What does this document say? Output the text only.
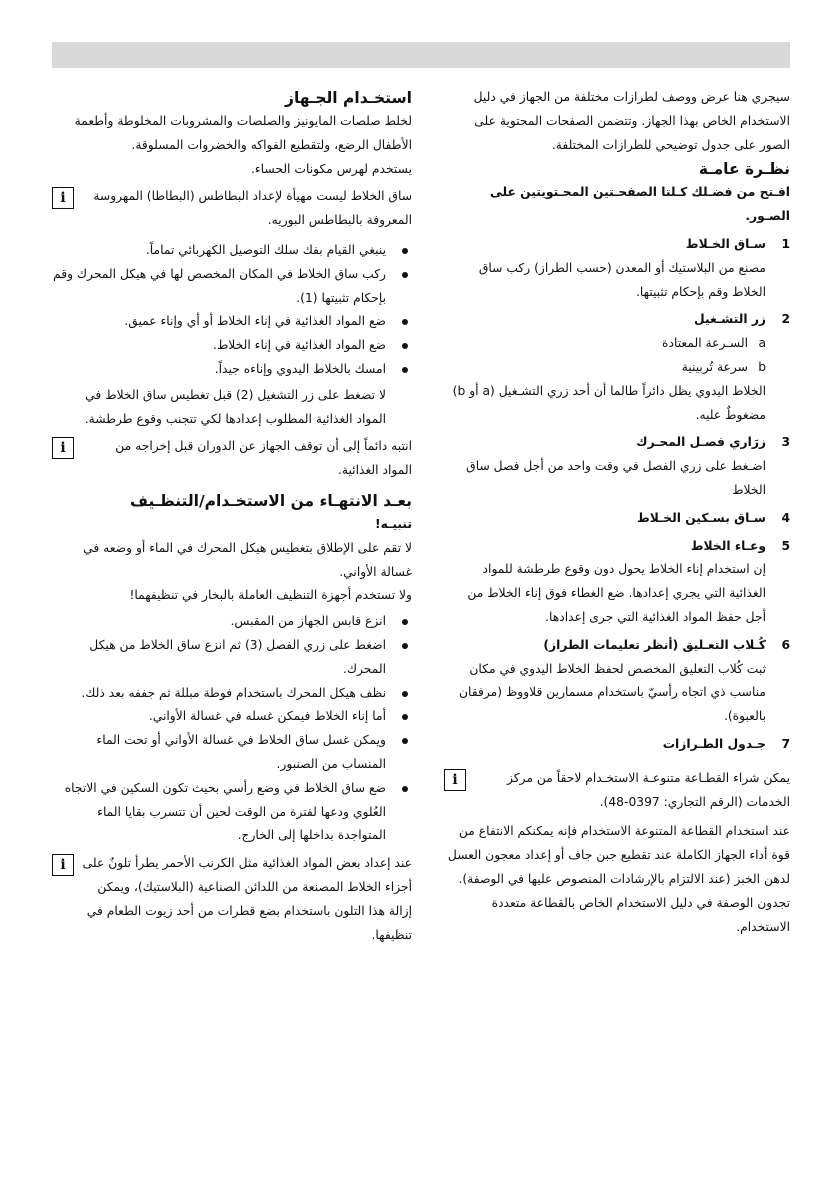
سيجري هنا عرض ووصف لطرازات مختلفة من الجهاز في دليل الاستخدام الخاص بهذا الجهاز. وتتضمن الصفحات المحتوية على الصور على جدول توضيحي للطرازات المختلفة.

نظـرة عامـة

افـتح من فضـلك كـلتا الصفحـتين المحـتويتين على الصـور.

1
سـاق الخـلاط

مصنع من البلاستيك أو المعدن (حسب الطراز) ركب ساق الخلاط وقم بإحكام تثبيتها.

2
زر التشـغيل
a
السـرعة المعتادة
b
سرعة تُربينية

الخلاط اليدوي يظل دائراً طالما أن أحد زري التشـغيل (a أو b) مضغوطٌ عليه.

3
زرَاري فصـل المحـرك

اضـغط على زري الفصل في وقت واحد من أجل فصل ساق الخلاط

4
سـاق بسـكين الخـلاط
5
وعـاء الخلاط

إن استخدام إناء الخلاط يحول دون وقوع طرطشة للمواد الغذائية التي يجري إعدادها. ضع الغطاء فوق إناء الخلاط من أجل حفظ المواد الغذائية التي جرى إعدادها.

6
كُـلاب التعـليق (أنظر تعليمات الطراز)

ثبت كُلاب التعليق المخصص لحفظ الخلاط اليدوي في مكان مناسب ذي اتجاه رأسيّ باستخدام مسمارين قلاووظ (مرفقان بالعبوة).

7
جـدول الطـرازات
يمكن شراء القطـاعة متنوعـة الاستخـدام لاحقاً من مركز الخدمات (الرقم التجاري: 0397-48).
i

عند استخدام القطاعة المتنوعة الاستخدام فإنه يمكنكم الانتفاع من قوة أداء الجهاز الكاملة عند تقطيع جبن جاف أو إعداد معجون العسل لدهن الخبز (عند الالتزام بالإرشادات المنصوص عليها في الوصفة). تجدون الوصفة في دليل الاستخدام الخاص بالقطاعة متعددة الاستخدام.

استخـدام الجـهاز

لخلط صلصات المايونيز والصلصات والمشروبات المخلوطة وأطعمة الأطفال الرضع، ولتقطيع الفواكه والخضروات المسلوقة.

يستخدم لهرس مكونات الحساء.

ساق الخلاط ليست مهيأة لإعداد البطاطس (البطاطا) المهروسة المعروفة بالبطاطس البوريه.
i
ينبغي القيام بفك سلك التوصيل الكهربائي تماماً.
ركب ساق الخلاط في المكان المخصص لها في هيكل المحرك وقم بإحكام تثبيتها (1).
ضع المواد الغذائية في إناء الخلاط أو أي وإناء عميق.
ضع المواد الغذائية في إناء الخلاط.
امسك بالخلاط اليدوي وإناءه جيداً.

لا تضغط على زر التشغيل (2) قبل تغطيس ساق الخلاط في المواد الغذائية المطلوب إعدادها لكي تتجنب وقوع طرطشة.

انتبه دائماً إلى أن توقف الجهاز عن الدوران قبل إخراجه من المواد الغذائية.
i
بعـد الانتهـاء من الاستخـدام/التنظـيف
تنبيـه!

لا تقم على الإطلاق بتغطيس هيكل المحرك في الماء أو وضعه في غسالة الأواني.

ولا تستخدم أجهزة التنظيف العاملة بالبخار في تنظيفهما!

انزع قابس الجهاز من المقبس.
اضغط على زري الفصل (3) ثم انزع ساق الخلاط من هيكل المحرك.
نظف هيكل المحرك باستخدام فوطة مبللة ثم جففه بعد ذلك.
أما إناء الخلاط فيمكن غسله في غسالة الأواني.
ويمكن غسل ساق الخلاط في غسالة الأواني أو تحت الماء المنساب من الصنبور.
ضع ساق الخلاط في وضع رأسي بحيث تكون السكين في الاتجاه العُلوي ودعها لفترة من الوقت لحين أن تتسرب بقايا الماء المتواجدة بداخلها إلى الخارج.
عند إعداد بعض المواد الغذائية مثل الكرنب الأحمر يطرأ تلونٌ على أجزاء الخلاط المصنعة من اللدائن الصناعية (البلاستيك)، ويمكن إزالة هذا التلون باستخدام بضع قطرات من أحد زيوت الطعام في تنظيفها.
i
